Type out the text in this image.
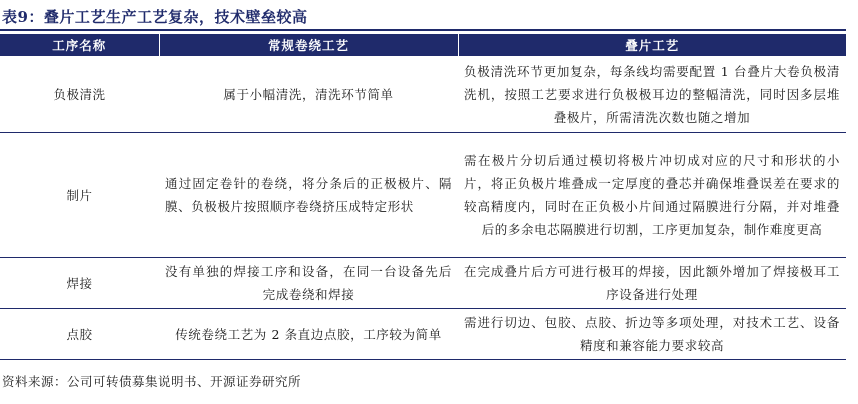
表9：叠片工艺生产工艺复杂，技术壁垒较高
工序名称	常规卷绕工艺	叠片工艺
负极清洗	属于小幅清洗，清洗环节简单	负极清洗环节更加复杂，每条线均需要配置 1 台叠片大卷负极清洗机，按照工艺要求进行负极极耳边的整幅清洗，同时因多层堆叠极片，所需清洗次数也随之增加
制片	通过固定卷针的卷绕，将分条后的正极极片、隔膜、负极极片按照顺序卷绕挤压成特定形状	需在极片分切后通过模切将极片冲切成对应的尺寸和形状的小片，将正负极片堆叠成一定厚度的叠芯并确保堆叠误差在要求的较高精度内，同时在正负极小片间通过隔膜进行分隔，并对堆叠后的多余电芯隔膜进行切割，工序更加复杂，制作难度更高
焊接	没有单独的焊接工序和设备，在同一台设备先后完成卷绕和焊接	在完成叠片后方可进行极耳的焊接，因此额外增加了焊接极耳工序设备进行处理
点胶	传统卷绕工艺为 2 条直边点胶，工序较为简单	需进行切边、包胶、点胶、折边等多项处理，对技术工艺、设备精度和兼容能力要求较高
资料来源：公司可转债募集说明书、开源证券研究所
